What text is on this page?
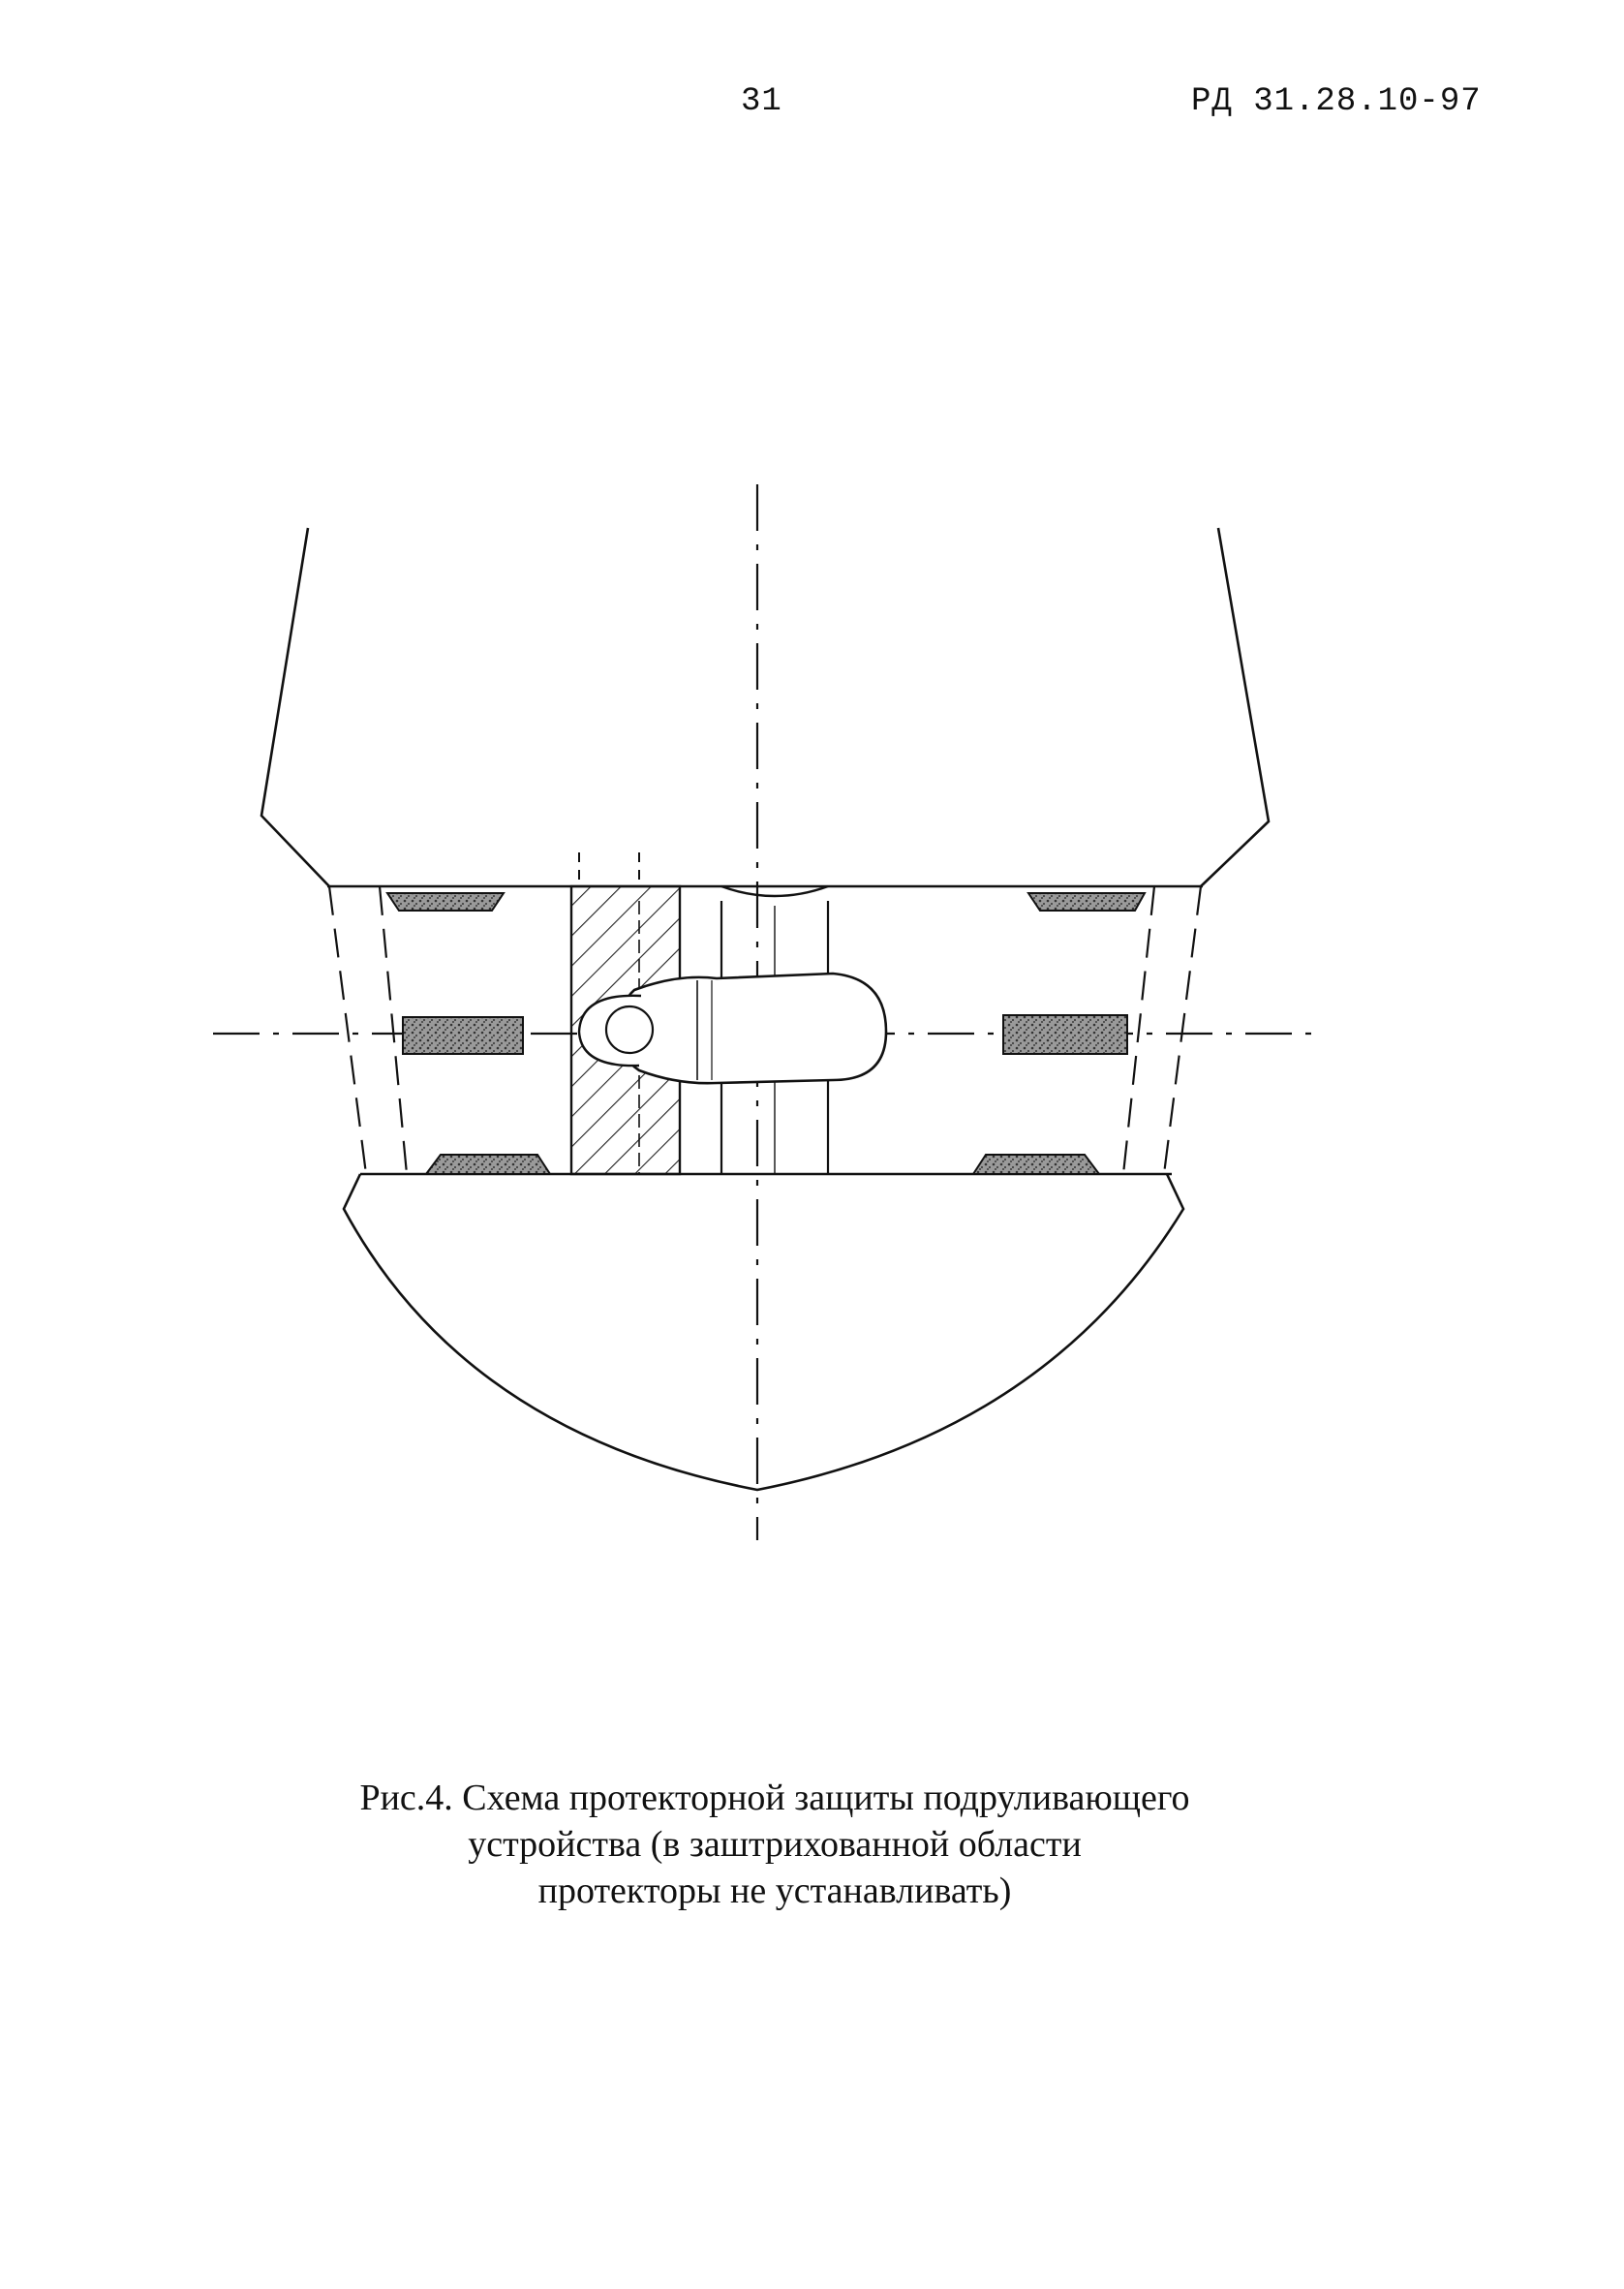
31	РД 31.28.10-97
Рис.4. Схема протекторной защиты подруливающего
устройства (в заштрихованной области
протекторы не устанавливать)
